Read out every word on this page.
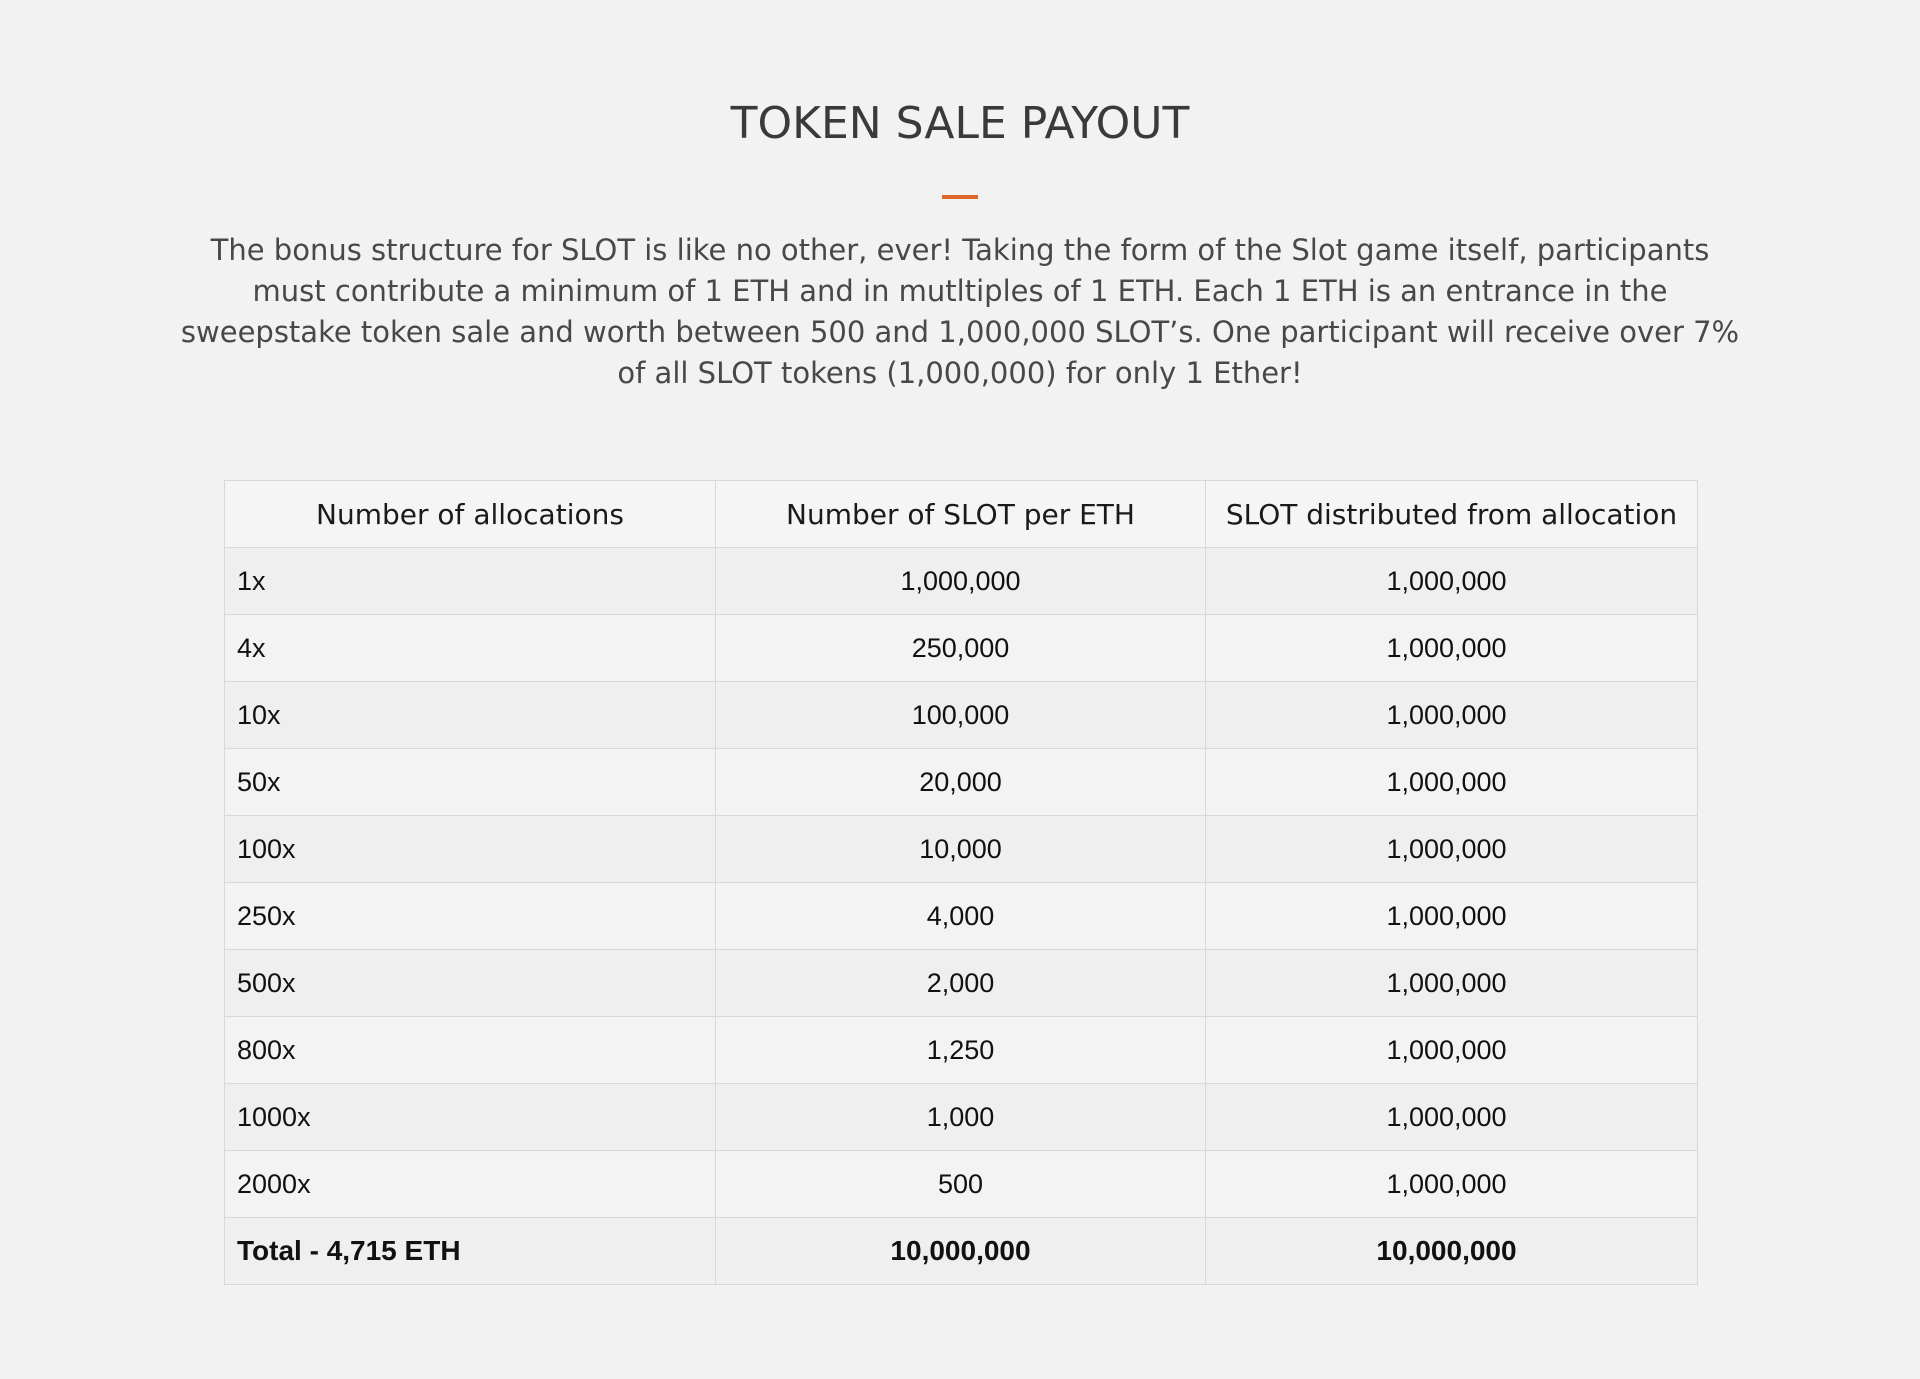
TOKEN SALE PAYOUT

The bonus structure for SLOT is like no other, ever! Taking the form of the Slot game itself, participants must contribute a minimum of 1 ETH and in mutltiples of 1 ETH. Each 1 ETH is an entrance in the sweepstake token sale and worth between 500 and 1,000,000 SLOT’s. One participant will receive over 7% of all SLOT tokens (1,000,000) for only 1 Ether!

Number of allocations	Number of SLOT per ETH	SLOT distributed from allocation
1x	1,000,000	1,000,000
4x	250,000	1,000,000
10x	100,000	1,000,000
50x	20,000	1,000,000
100x	10,000	1,000,000
250x	4,000	1,000,000
500x	2,000	1,000,000
800x	1,250	1,000,000
1000x	1,000	1,000,000
2000x	500	1,000,000
Total - 4,715 ETH	10,000,000	10,000,000
